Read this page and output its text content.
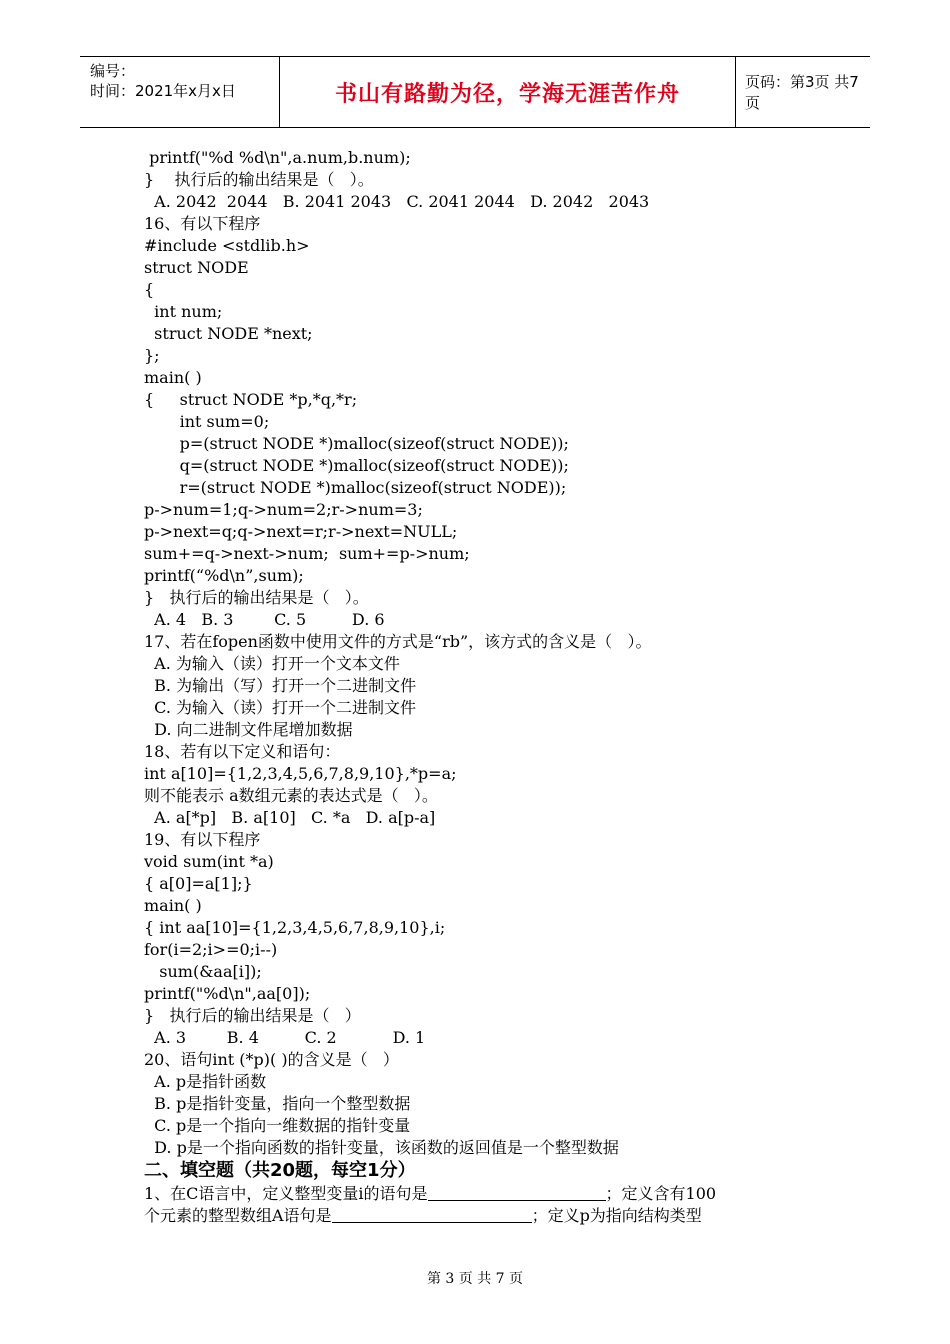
编号：
时间：2021年x月x日	书山有路勤为径，学海无涯苦作舟	页码：第3页 共7页
printf("%d %d\n",a.num,b.num);
}    执行后的输出结果是（   ）。
A. 2042  2044   B. 2041 2043   C. 2041 2044   D. 2042   2043
16、有以下程序
#include <stdlib.h>
struct NODE
{
int num;
struct NODE *next;
};
main( )
{     struct NODE *p,*q,*r;
int sum=0;
p=(struct NODE *)malloc(sizeof(struct NODE));
q=(struct NODE *)malloc(sizeof(struct NODE));
r=(struct NODE *)malloc(sizeof(struct NODE));
p->num=1;q->num=2;r->num=3;
p->next=q;q->next=r;r->next=NULL;
sum+=q->next->num;  sum+=p->num;
printf(“%d\n”,sum);
}   执行后的输出结果是（   ）。
A. 4   B. 3        C. 5         D. 6
17、若在fopen函数中使用文件的方式是“rb”，该方式的含义是（   ）。
A. 为输入（读）打开一个文本文件
B. 为输出（写）打开一个二进制文件
C. 为输入（读）打开一个二进制文件
D. 向二进制文件尾增加数据
18、若有以下定义和语句：
int a[10]={1,2,3,4,5,6,7,8,9,10},*p=a;
则不能表示 a数组元素的表达式是（   ）。
A. a[*p]   B. a[10]   C. *a   D. a[p-a]
19、有以下程序
void sum(int *a)
{ a[0]=a[1];}
main( )
{ int aa[10]={1,2,3,4,5,6,7,8,9,10},i;
for(i=2;i>=0;i--)
sum(&aa[i]);
printf("%d\n",aa[0]);
}   执行后的输出结果是（   ）
A. 3        B. 4         C. 2           D. 1
20、语句int (*p)( )的含义是（   ）
A. p是指针函数
B. p是指针变量，指向一个整型数据
C. p是一个指向一维数据的指针变量
D. p是一个指向函数的指针变量，该函数的返回值是一个整型数据
二、填空题（共20题，每空1分）
1、在C语言中，定义整型变量i的语句是	；定义含有100
个元素的整型数组A语句是	；定义p为指向结构类型
第 3 页 共 7 页
